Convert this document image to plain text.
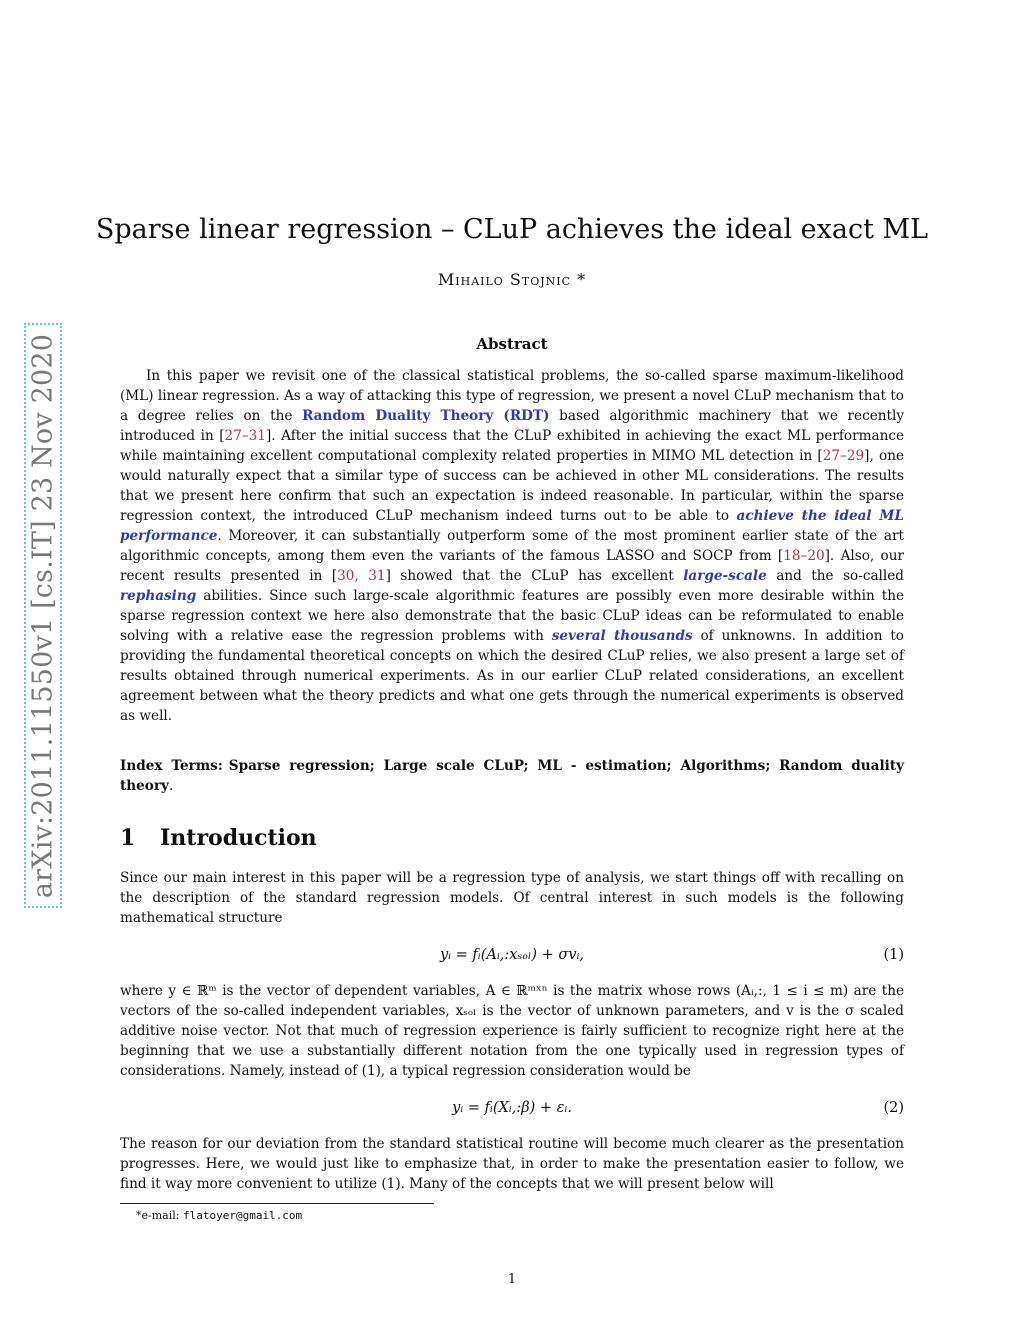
arXiv:2011.11550v1 [cs.IT] 23 Nov 2020
Sparse linear regression – CLuP achieves the ideal exact ML
Mihailo Stojnic *
Abstract

In this paper we revisit one of the classical statistical problems, the so-called sparse maximum-likelihood (ML) linear regression. As a way of attacking this type of regression, we present a novel CLuP mechanism that to a degree relies on the Random Duality Theory (RDT) based algorithmic machinery that we recently introduced in [27–31]. After the initial success that the CLuP exhibited in achieving the exact ML performance while maintaining excellent computational complexity related properties in MIMO ML detection in [27–29], one would naturally expect that a similar type of success can be achieved in other ML considerations. The results that we present here confirm that such an expectation is indeed reasonable. In particular, within the sparse regression context, the introduced CLuP mechanism indeed turns out to be able to achieve the ideal ML performance. Moreover, it can substantially outperform some of the most prominent earlier state of the art algorithmic concepts, among them even the variants of the famous LASSO and SOCP from [18–20]. Also, our recent results presented in [30, 31] showed that the CLuP has excellent large-scale and the so-called rephasing abilities. Since such large-scale algorithmic features are possibly even more desirable within the sparse regression context we here also demonstrate that the basic CLuP ideas can be reformulated to enable solving with a relative ease the regression problems with several thousands of unknowns. In addition to providing the fundamental theoretical concepts on which the desired CLuP relies, we also present a large set of results obtained through numerical experiments. As in our earlier CLuP related considerations, an excellent agreement between what the theory predicts and what one gets through the numerical experiments is observed as well.

Index Terms: Sparse regression; Large scale CLuP; ML - estimation; Algorithms; Random duality theory.

1 Introduction

Since our main interest in this paper will be a regression type of analysis, we start things off with recalling on the description of the standard regression models. Of central interest in such models is the following mathematical structure

yᵢ = fᵢ(Aᵢ,:xₛₒₗ) + σvᵢ,	(1)

where y ∈ ℝᵐ is the vector of dependent variables, A ∈ ℝᵐˣⁿ is the matrix whose rows (Aᵢ,:, 1 ≤ i ≤ m) are the vectors of the so-called independent variables, xₛₒₗ is the vector of unknown parameters, and v is the σ scaled additive noise vector. Not that much of regression experience is fairly sufficient to recognize right here at the beginning that we use a substantially different notation from the one typically used in regression types of considerations. Namely, instead of (1), a typical regression consideration would be

yᵢ = fᵢ(Xᵢ,:β) + εᵢ.	(2)

The reason for our deviation from the standard statistical routine will become much clearer as the presentation progresses. Here, we would just like to emphasize that, in order to make the presentation easier to follow, we find it way more convenient to utilize (1). Many of the concepts that we will present below will

*e-mail: flatoyer@gmail.com
1
